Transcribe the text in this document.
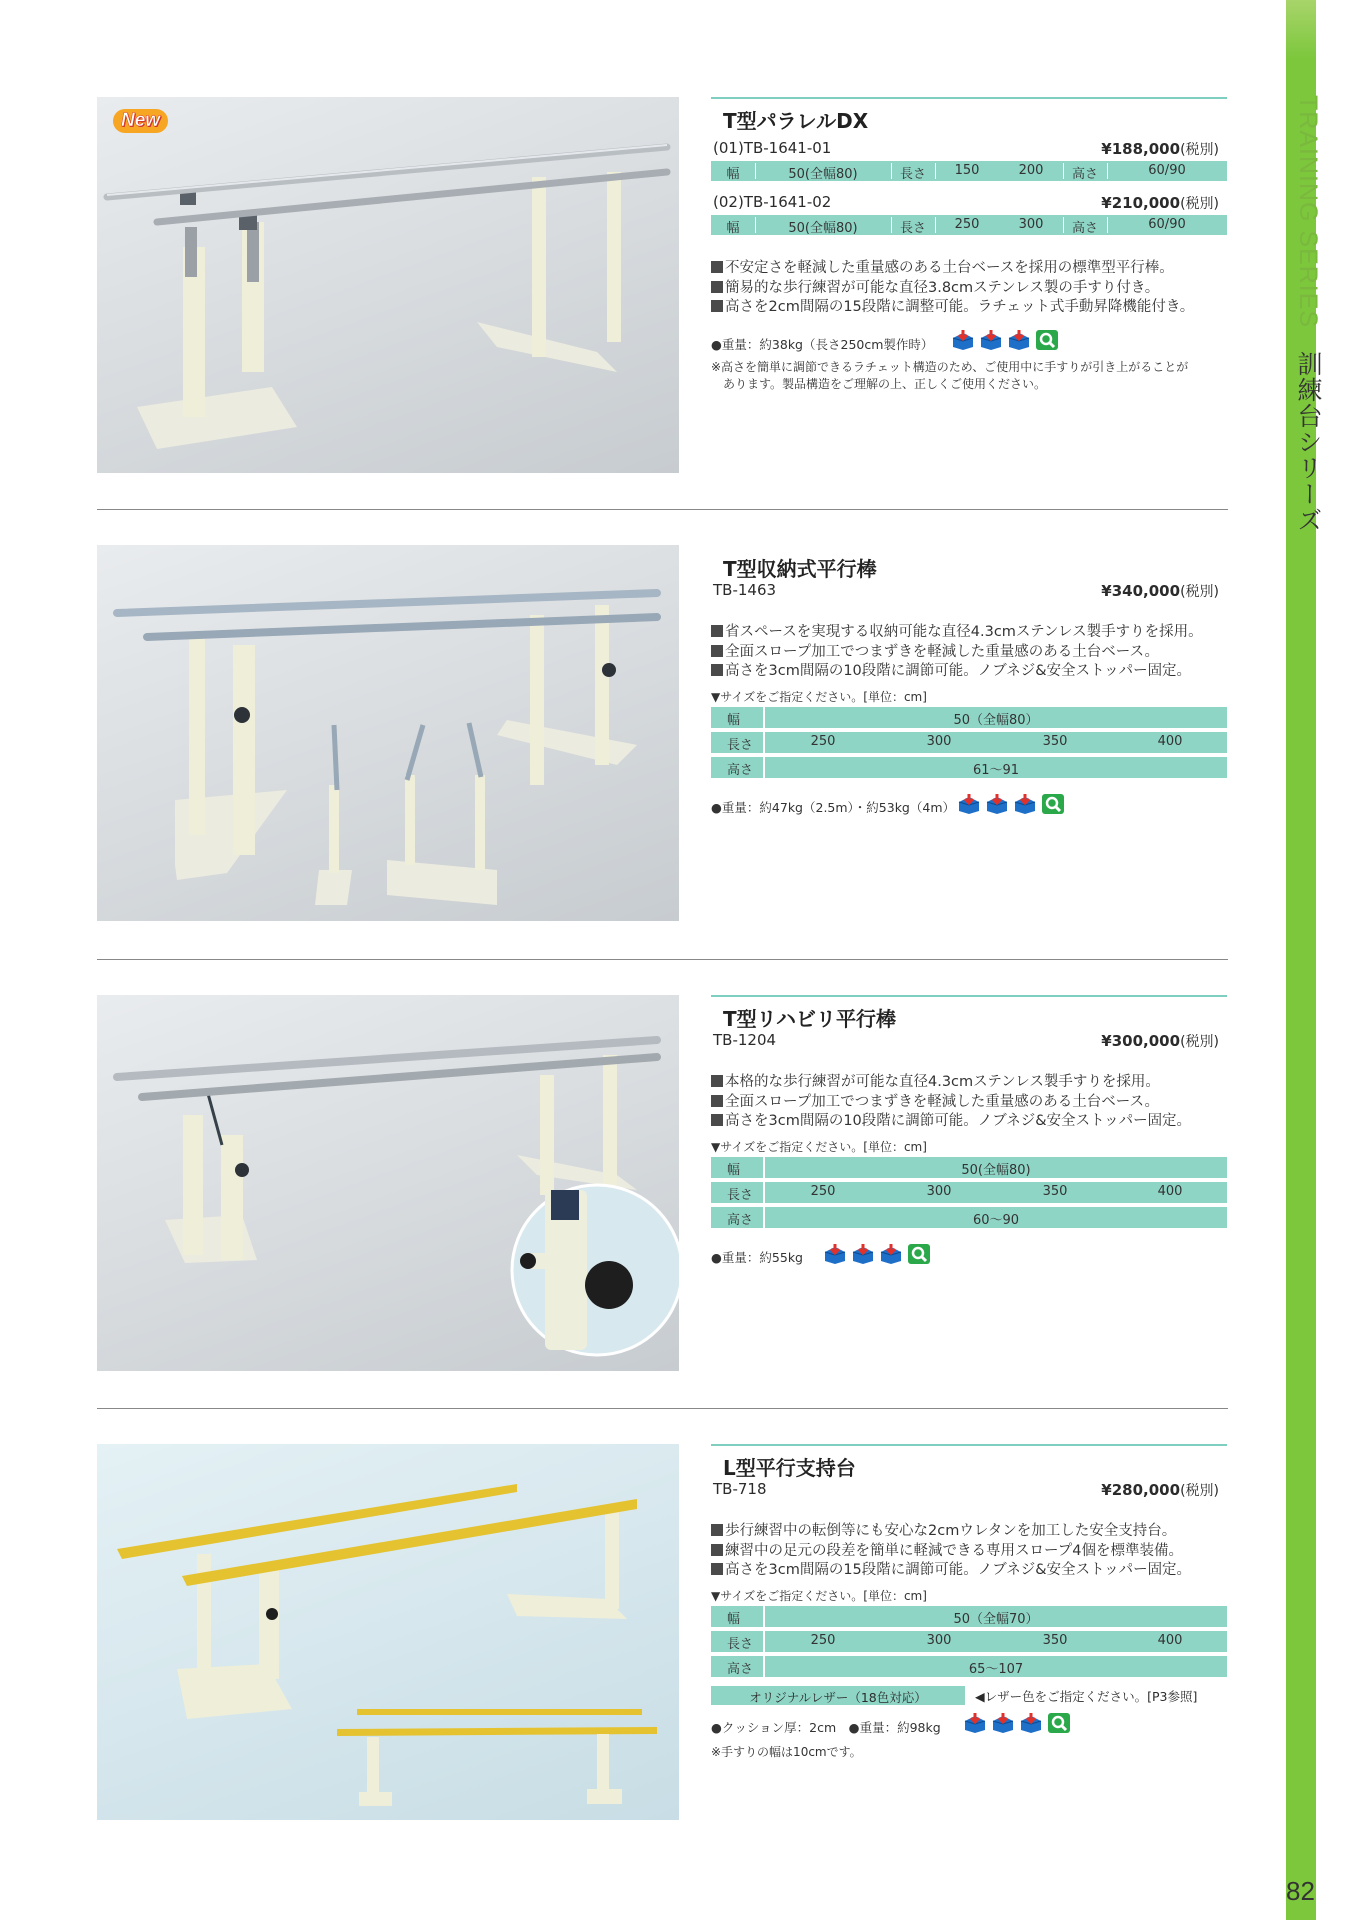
TRAINING SERIES 訓練台シリーズ
82
New	T型パラレルDX
(01)TB-1641-01	¥188,000(税別)
幅	50(全幅80)	長さ	150	200	高さ	60/90
(02)TB-1641-02	¥210,000(税別)
幅	50(全幅80)	長さ	250	300	高さ	60/90
不安定さを軽減した重量感のある土台ベースを採用の標準型平行棒。
簡易的な歩行練習が可能な直径3.8cmステンレス製の手すり付き。
高さを2cm間隔の15段階に調整可能。ラチェット式手動昇降機能付き。
●重量：約38kg（長さ250cm製作時）
※高さを簡単に調節できるラチェット構造のため、ご使用中に手すりが引き上がることが
　あります。製品構造をご理解の上、正しくご使用ください。
T型収納式平行棒
TB-1463	¥340,000(税別)
省スペースを実現する収納可能な直径4.3cmステンレス製手すりを採用。
全面スロープ加工でつまずきを軽減した重量感のある土台ベース。
高さを3cm間隔の10段階に調節可能。ノブネジ&安全ストッパー固定。
▼サイズをご指定ください。[単位：cm]
幅	50（全幅80）
長さ	250	300	350	400
高さ	61〜91
●重量：約47kg（2.5m）・約53kg（4m）
T型リハビリ平行棒
TB-1204	¥300,000(税別)
本格的な歩行練習が可能な直径4.3cmステンレス製手すりを採用。
全面スロープ加工でつまずきを軽減した重量感のある土台ベース。
高さを3cm間隔の10段階に調節可能。ノブネジ&安全ストッパー固定。
▼サイズをご指定ください。[単位：cm]
幅	50(全幅80)
長さ	250	300	350	400
高さ	60〜90
●重量：約55kg
L型平行支持台
TB-718	¥280,000(税別)
歩行練習中の転倒等にも安心な2cmウレタンを加工した安全支持台。
練習中の足元の段差を簡単に軽減できる専用スロープ4個を標準装備。
高さを3cm間隔の15段階に調節可能。ノブネジ&安全ストッパー固定。
▼サイズをご指定ください。[単位：cm]
幅	50（全幅70）
長さ	250	300	350	400
高さ	65〜107
オリジナルレザー（18色対応）	◀レザー色をご指定ください。[P3参照]
●クッション厚：2cm　●重量：約98kg
※手すりの幅は10cmです。
